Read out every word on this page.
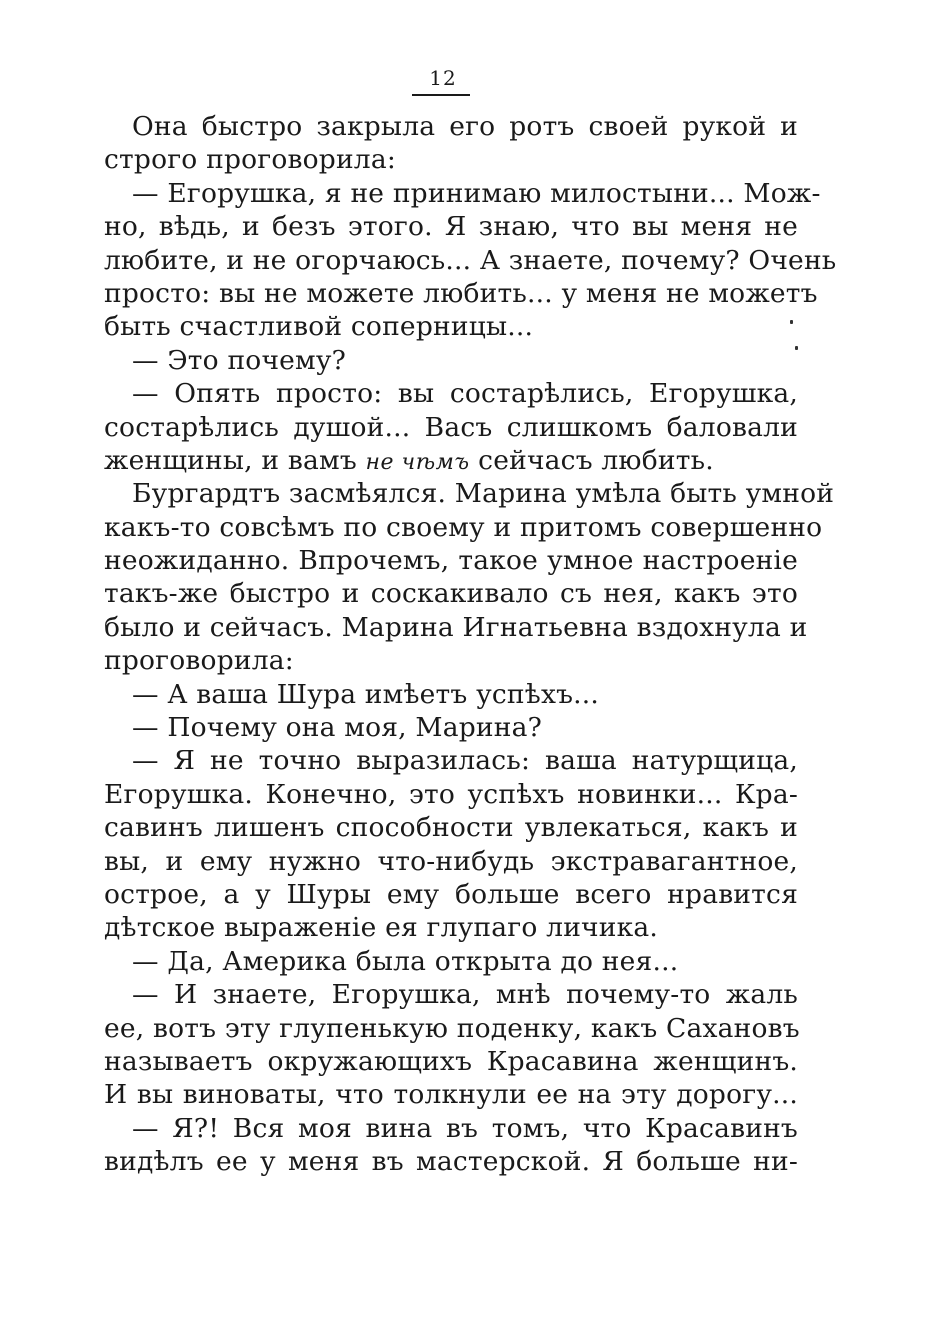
12
Она быстро закрыла его ротъ своей рукой и
строго проговорила:
— Егорушка, я не принимаю милостыни... Мож-
но, вѣдь, и безъ этого. Я знаю, что вы меня не
любите, и не огорчаюсь... А знаете, почему? Очень
просто: вы не можете любить... у меня не можетъ
быть счастливой соперницы...
— Это почему?
— Опять просто: вы состарѣлись, Егорушка,
состарѣлись душой... Васъ слишкомъ баловали
женщины, и вамъ не чѣмъ сейчасъ любить.
Бургардтъ засмѣялся. Марина умѣла быть умной
какъ-то совсѣмъ по своему и притомъ совершенно
неожиданно. Впрочемъ, такое умное настроеніе
такъ-же быстро и соскакивало съ нея, какъ это
было и сейчасъ. Марина Игнатьевна вздохнула и
проговорила:
— А ваша Шура имѣетъ успѣхъ...
— Почему она моя, Марина?
— Я не точно выразилась: ваша натурщица,
Егорушка. Конечно, это успѣхъ новинки... Кра-
савинъ лишенъ способности увлекаться, какъ и
вы, и ему нужно что-нибудь экстравагантное,
острое, а у Шуры ему больше всего нравится
дѣтское выраженіе ея глупаго личика.
— Да, Америка была открыта до нея...
— И знаете, Егорушка, мнѣ почему-то жаль
ее, вотъ эту глупенькую поденку, какъ Сахановъ
называетъ окружающихъ Красавина женщинъ.
И вы виноваты, что толкнули ее на эту дорогу...
— Я?! Вся моя вина въ томъ, что Красавинъ
видѣлъ ее у меня въ мастерской. Я больше ни-
